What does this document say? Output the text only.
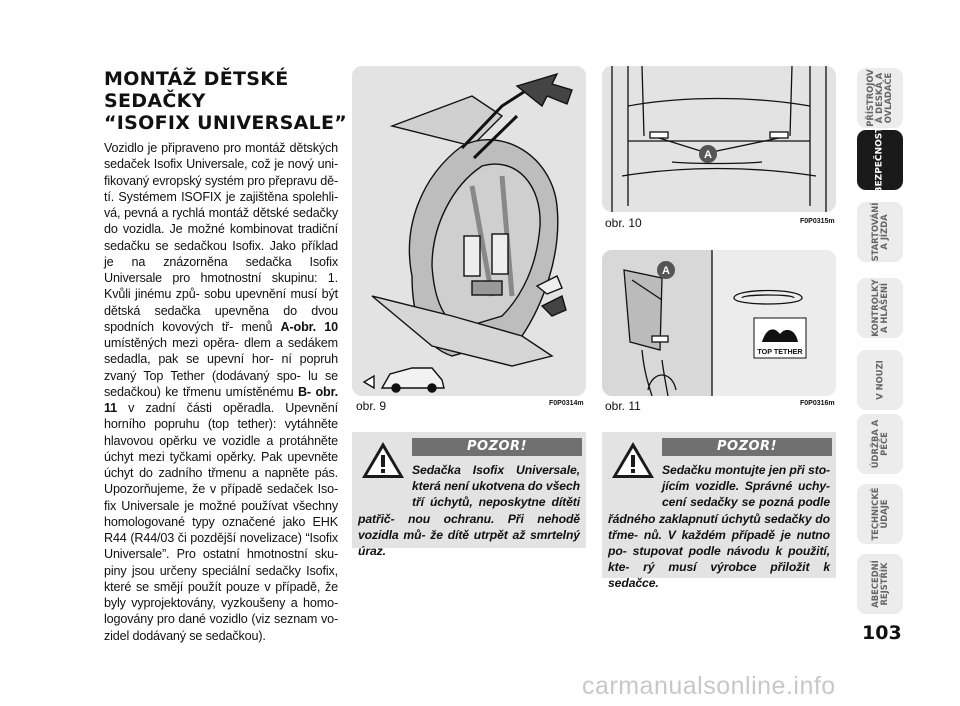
MONTÁŽ DĚTSKÉ
SEDAČKY
“ISOFIX UNIVERSALE”
Vozidlo je připraveno pro montáž dětských sedaček Isofix Universale, což je nový uni- fikovaný evropský systém pro přepravu dě- tí. Systémem ISOFIX je zajištěna spolehli- vá, pevná a rychlá montáž dětské sedačky do vozidla. Je možné kombinovat tradiční sedačku se sedačkou Isofix. Jako příklad je na znázorněna sedačka Isofix Universale pro hmotnostní skupinu: 1. Kvůli jinému způ- sobu upevnění musí být dětská sedačka upevněna do dvou spodních kovových tř- menů A-obr. 10 umístěných mezi opěra- dlem a sedákem sedadla, pak se upevní hor- ní popruh zvaný Top Tether (dodávaný spo- lu se sedačkou) ke třmenu umístěnému B- obr. 11 v zadní části opěradla. Upevnění horního popruhu (top tether): vytáhněte hlavovou opěrku ve vozidle a protáhněte úchyt mezi tyčkami opěrky. Pak upevněte úchyt do zadního třmenu a napněte pás. Upozorňujeme, že v případě sedaček Iso- fix Universale je možné používat všechny homologované typy označené jako EHK R44 (R44/03 či pozdější novelizace) “Isofix Universale”. Pro ostatní hmotnostní sku- piny jsou určeny speciální sedačky Isofix, které se smějí použít pouze v případě, že byly vyprojektovány, vyzkoušeny a homo- logovány pro dané vozidlo (viz seznam vo- zidel dodávaný se sedačkou).
obr. 9	F0P0314m
A
obr. 10	F0P0315m
A
TOP TETHER
obr. 11	F0P0316m
POZOR!
Sedačka Isofix Universale, která není ukotvena do všech tří úchytů, neposkytne dítěti patřič- nou ochranu. Při nehodě vozidla mů- že dítě utrpět až smrtelný úraz.
POZOR!
Sedačku montujte jen při sto- jícím vozidle. Správné uchy- cení sedačky se pozná podle řádného zaklapnutí úchytů sedačky do třme- nů. V každém případě je nutno po- stupovat podle návodu k použití, kte- rý musí výrobce přiložit k sedačce.
PŘÍSTROJOV
Á DESKA A
OVLADAČE
BEZPEČNOST
STARTOVÁNÍ
A JÍZDA
KONTROLKY
A HLÁŠENÍ
V NOUZI
ÚDRŽBA A
PÉČE
TECHNICKÉ
ÚDAJE
ABECEDNÍ
REJSTŘÍK
103
carmanualsonline.info
